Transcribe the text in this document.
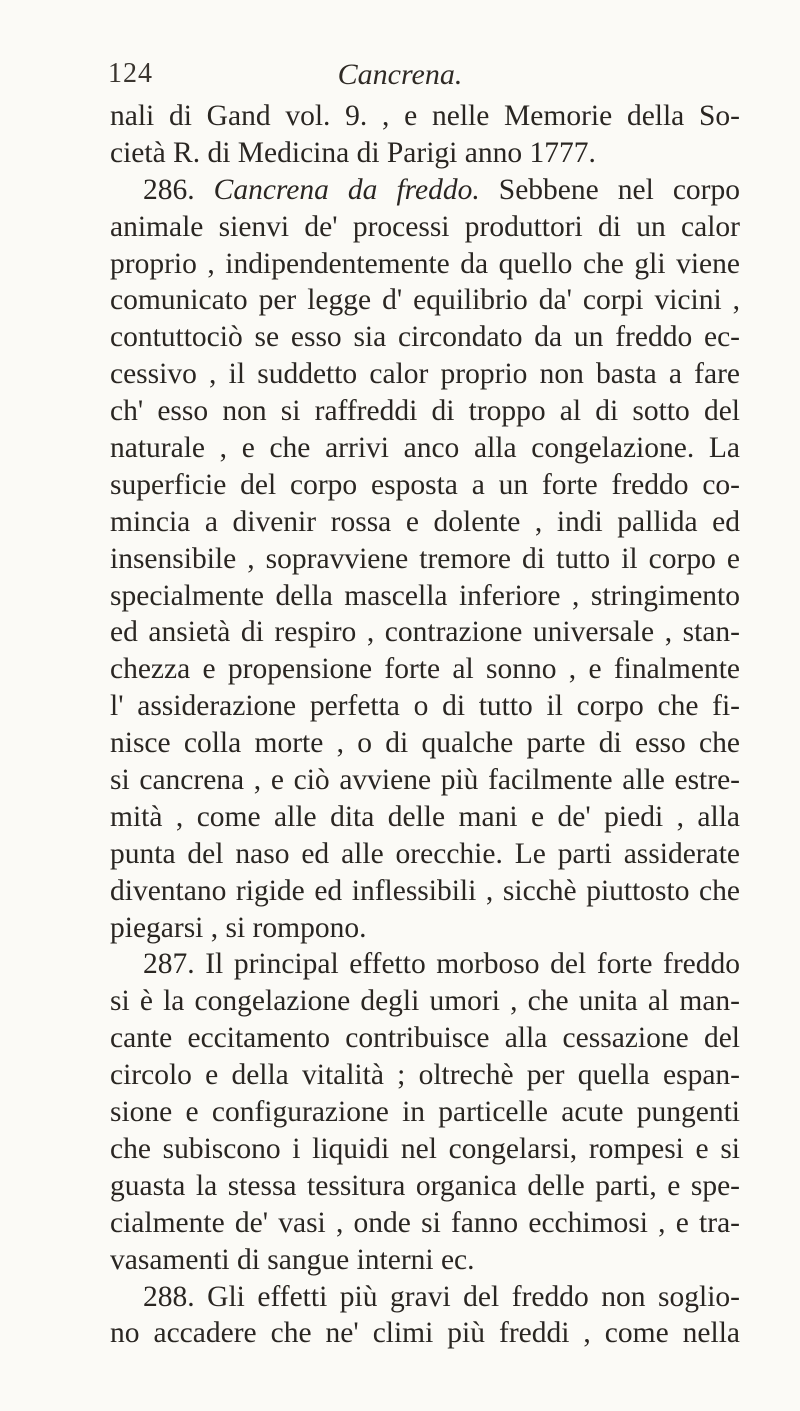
124	Cancrena.
nali di Gand vol. 9. , e nelle Memorie della So-
cietà R. di Medicina di Parigi anno 1777.
286. Cancrena da freddo. Sebbene nel corpo
animale sienvi de' processi produttori di un calor
proprio , indipendentemente da quello che gli viene
comunicato per legge d' equilibrio da' corpi vicini ,
contuttociò se esso sia circondato da un freddo ec-
cessivo , il suddetto calor proprio non basta a fare
ch' esso non si raffreddi di troppo al di sotto del
naturale , e che arrivi anco alla congelazione. La
superficie del corpo esposta a un forte freddo co-
mincia a divenir rossa e dolente , indi pallida ed
insensibile , sopravviene tremore di tutto il corpo e
specialmente della mascella inferiore , stringimento
ed ansietà di respiro , contrazione universale , stan-
chezza e propensione forte al sonno , e finalmente
l' assiderazione perfetta o di tutto il corpo che fi-
nisce colla morte , o di qualche parte di esso che
si cancrena , e ciò avviene più facilmente alle estre-
mità , come alle dita delle mani e de' piedi , alla
punta del naso ed alle orecchie. Le parti assiderate
diventano rigide ed inflessibili , sicchè piuttosto che
piegarsi , si rompono.
287. Il principal effetto morboso del forte freddo
si è la congelazione degli umori , che unita al man-
cante eccitamento contribuisce alla cessazione del
circolo e della vitalità ; oltrechè per quella espan-
sione e configurazione in particelle acute pungenti
che subiscono i liquidi nel congelarsi, rompesi e si
guasta la stessa tessitura organica delle parti, e spe-
cialmente de' vasi , onde si fanno ecchimosi , e tra-
vasamenti di sangue interni ec.
288. Gli effetti più gravi del freddo non soglio-
no accadere che ne' climi più freddi , come nella
